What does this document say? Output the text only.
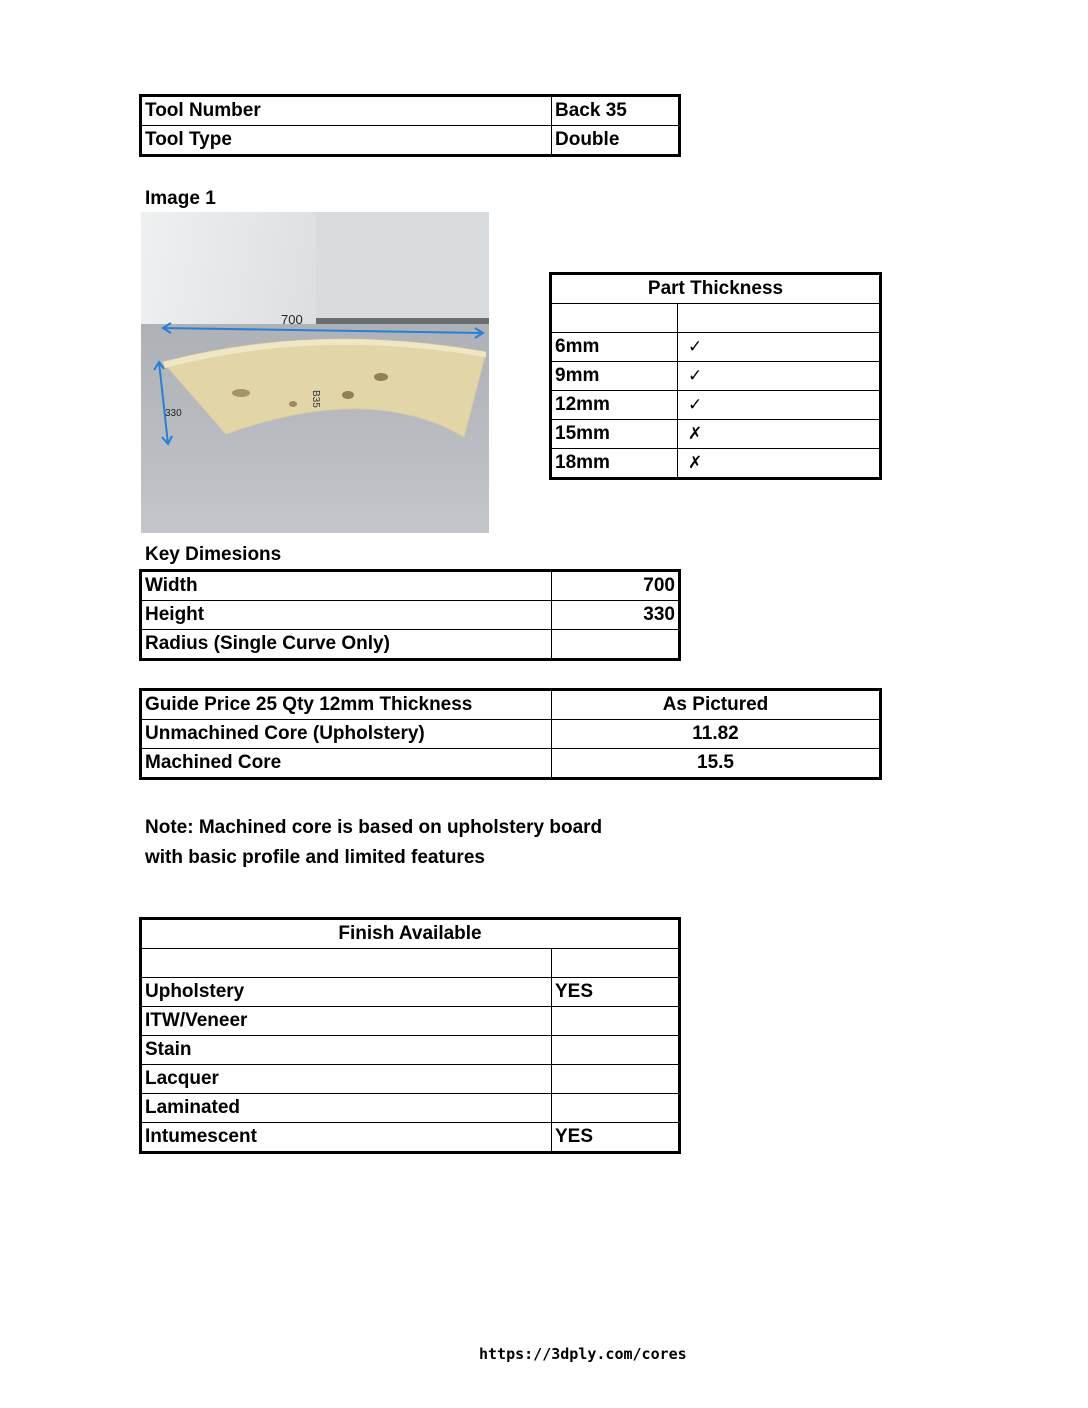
Tool Number	Back 35
Tool Type	Double
Image 1
B35
700
330
Part Thickness	

6mm	✓
9mm	✓
12mm	✓
15mm	✗
18mm	✗
Key Dimesions
Width	700
Height	330
Radius (Single Curve Only)	
Guide Price 25 Qty 12mm Thickness	As Pictured
Unmachined Core (Upholstery)	11.82
Machined Core	15.5
Note: Machined core is based on upholstery board
with basic profile and limited features
Finish Available	

Upholstery	YES
ITW/Veneer	
Stain	
Lacquer	
Laminated	
Intumescent	YES
https://3dply.com/cores
